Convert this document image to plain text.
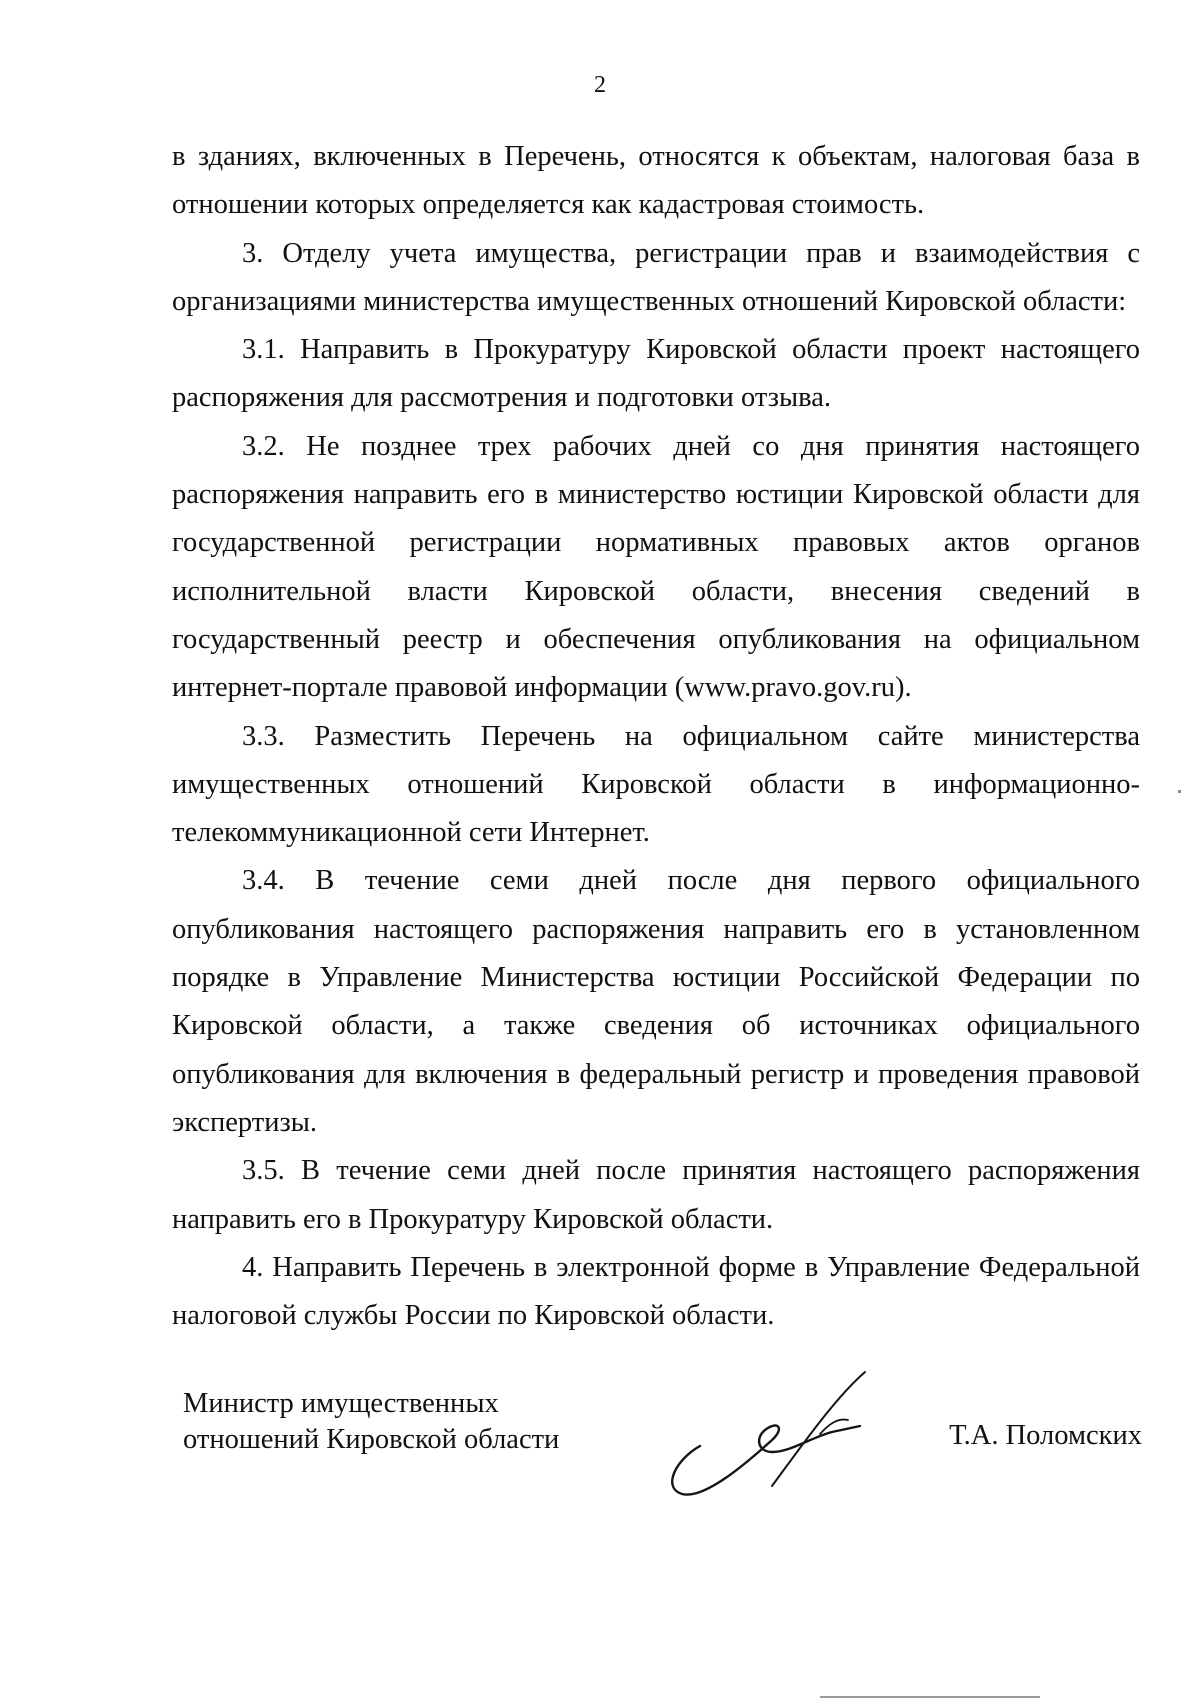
2

в зданиях, включенных в Перечень, относятся к объектам, налоговая база в отношении которых определяется как кадастровая стоимость.

3. Отделу учета имущества, регистрации прав и взаимодействия с организациями министерства имущественных отношений Кировской области:

3.1. Направить в Прокуратуру Кировской области проект настоящего распоряжения для рассмотрения и подготовки отзыва.

3.2. Не позднее трех рабочих дней со дня принятия настоящего распоряжения направить его в министерство юстиции Кировской области для государственной регистрации нормативных правовых актов органов исполнительной власти Кировской области, внесения сведений в государственный реестр и обеспечения опубликования на официальном интернет-портале правовой информации (www.pravo.gov.ru).

3.3. Разместить Перечень на официальном сайте министерства имущественных отношений Кировской области в информационно-телекоммуникационной сети Интернет.

3.4. В течение семи дней после дня первого официального опубликования настоящего распоряжения направить его в установленном порядке в Управление Министерства юстиции Российской Федерации по Кировской области, а также сведения об источниках официального опубликования для включения в федеральный регистр и проведения правовой экспертизы.

3.5. В течение семи дней после принятия настоящего распоряжения направить его в Прокуратуру Кировской области.

4. Направить Перечень в электронной форме в Управление Федеральной налоговой службы России по Кировской области.

Министр имущественных
отношений Кировской области	Т.А. Поломских
